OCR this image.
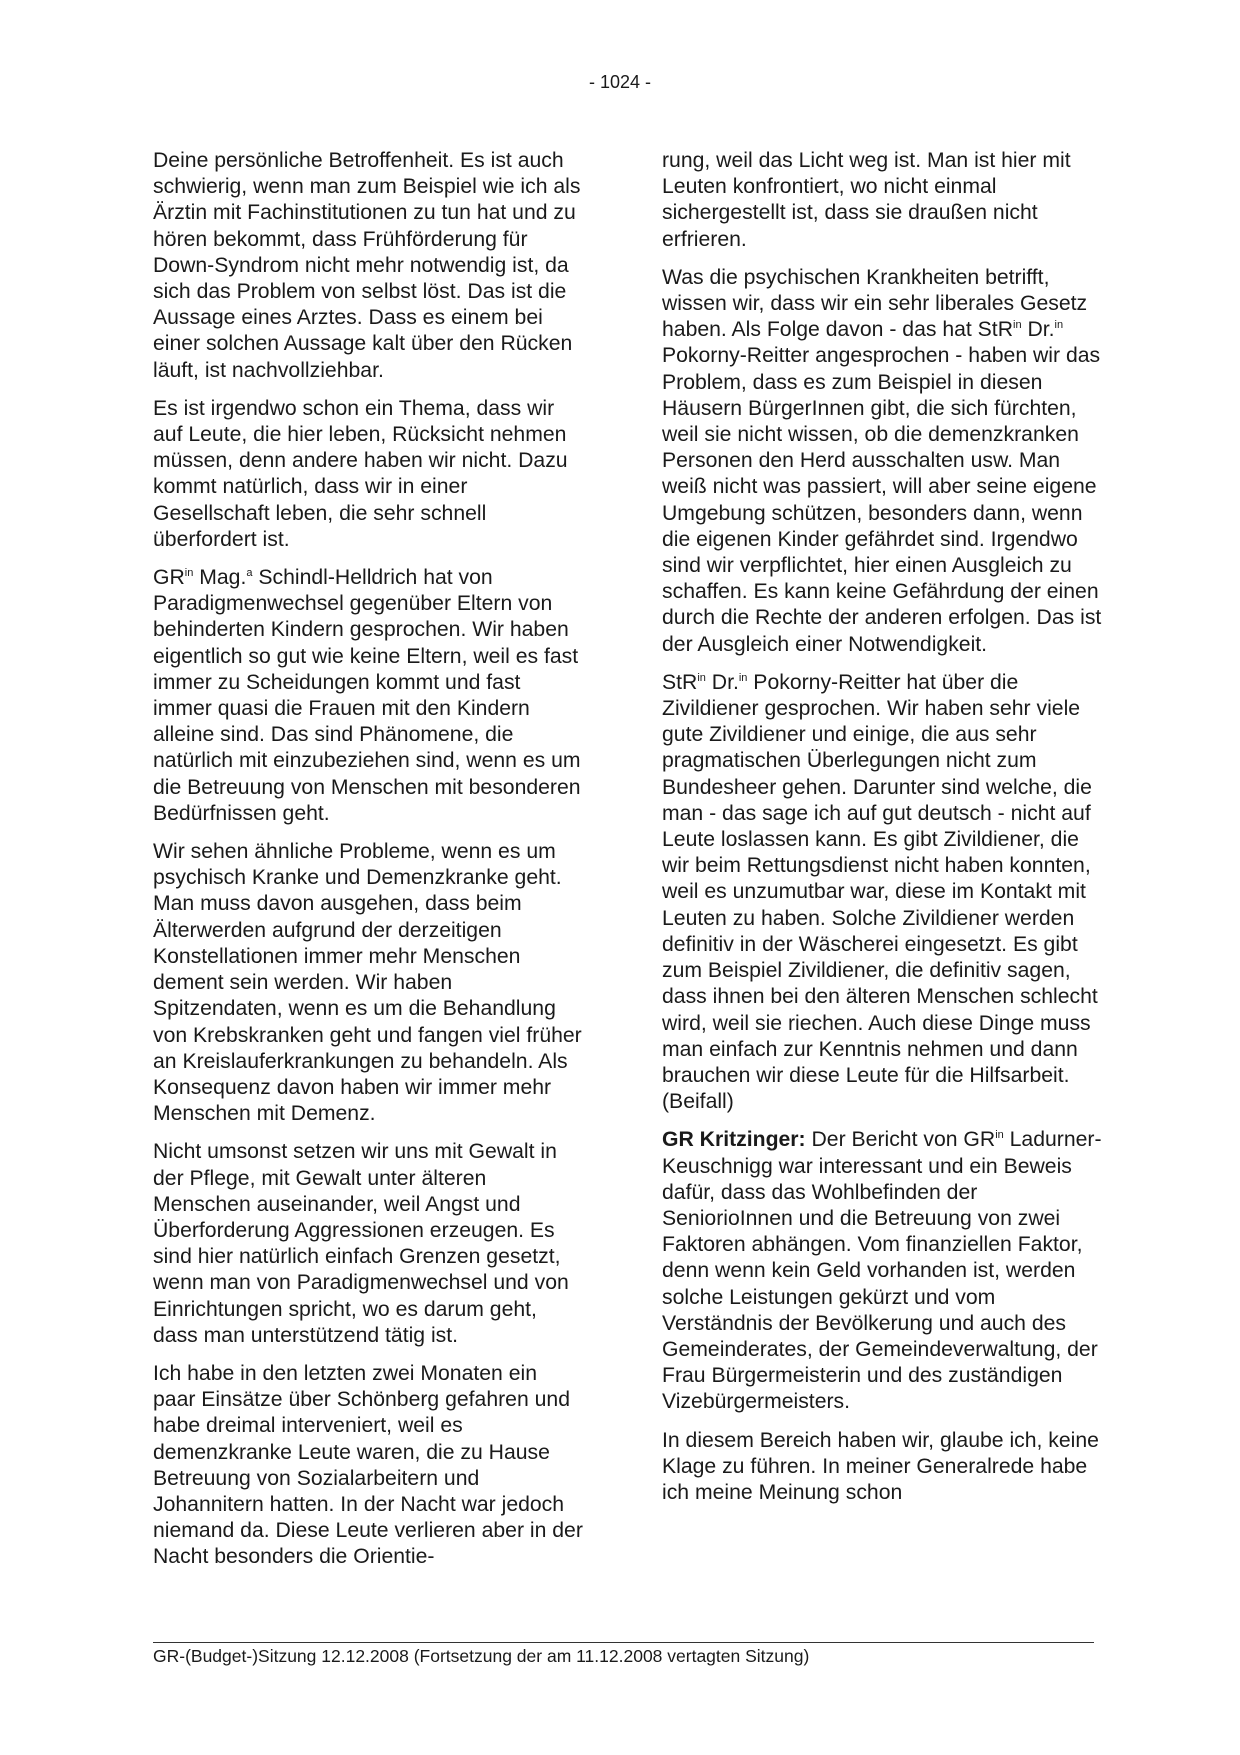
- 1024 -

Deine persönliche Betroffenheit. Es ist auch schwierig, wenn man zum Beispiel wie ich als Ärztin mit Fachinstitutionen zu tun hat und zu hören bekommt, dass Frühförderung für Down-Syndrom nicht mehr notwendig ist, da sich das Problem von selbst löst. Das ist die Aussage eines Arztes. Dass es einem bei einer solchen Aussage kalt über den Rücken läuft, ist nachvollziehbar.

Es ist irgendwo schon ein Thema, dass wir auf Leute, die hier leben, Rücksicht nehmen müssen, denn andere haben wir nicht. Dazu kommt natürlich, dass wir in einer Gesellschaft leben, die sehr schnell überfordert ist.

$GR^{in}$ Mag.$^a$ Schindl-Helldrich hat von Paradigmenwechsel gegenüber Eltern von behinderten Kindern gesprochen. Wir haben eigentlich so gut wie keine Eltern, weil es fast immer zu Scheidungen kommt und fast immer quasi die Frauen mit den Kindern alleine sind. Das sind Phänomene, die natürlich mit einzubeziehen sind, wenn es um die Betreuung von Menschen mit besonderen Bedürfnissen geht.

Wir sehen ähnliche Probleme, wenn es um psychisch Kranke und Demenzkranke geht. Man muss davon ausgehen, dass beim Älterwerden aufgrund der derzeitigen Konstellationen immer mehr Menschen dement sein werden. Wir haben Spitzendaten, wenn es um die Behandlung von Krebskranken geht und fangen viel früher an Kreislauferkrankungen zu behandeln. Als Konsequenz davon haben wir immer mehr Menschen mit Demenz.

Nicht umsonst setzen wir uns mit Gewalt in der Pflege, mit Gewalt unter älteren Menschen auseinander, weil Angst und Überforderung Aggressionen erzeugen. Es sind hier natürlich einfach Grenzen gesetzt, wenn man von Paradigmenwechsel und von Einrichtungen spricht, wo es darum geht, dass man unterstützend tätig ist.

Ich habe in den letzten zwei Monaten ein paar Einsätze über Schönberg gefahren und habe dreimal interveniert, weil es demenzkranke Leute waren, die zu Hause Betreuung von Sozialarbeitern und Johannitern hatten. In der Nacht war jedoch niemand da. Diese Leute verlieren aber in der Nacht besonders die Orientie-

rung, weil das Licht weg ist. Man ist hier mit Leuten konfrontiert, wo nicht einmal sichergestellt ist, dass sie draußen nicht erfrieren.

Was die psychischen Krankheiten betrifft, wissen wir, dass wir ein sehr liberales Gesetz haben. Als Folge davon - das hat StR$^{in}$ Dr.$^{in}$ Pokorny-Reitter angesprochen - haben wir das Problem, dass es zum Beispiel in diesen Häusern BürgerInnen gibt, die sich fürchten, weil sie nicht wissen, ob die demenzkranken Personen den Herd ausschalten usw. Man weiß nicht was passiert, will aber seine eigene Umgebung schützen, besonders dann, wenn die eigenen Kinder gefährdet sind. Irgendwo sind wir verpflichtet, hier einen Ausgleich zu schaffen. Es kann keine Gefährdung der einen durch die Rechte der anderen erfolgen. Das ist der Ausgleich einer Notwendigkeit.

StR$^{in}$ Dr.$^{in}$ Pokorny-Reitter hat über die Zivildiener gesprochen. Wir haben sehr viele gute Zivildiener und einige, die aus sehr pragmatischen Überlegungen nicht zum Bundesheer gehen. Darunter sind welche, die man - das sage ich auf gut deutsch - nicht auf Leute loslassen kann. Es gibt Zivildiener, die wir beim Rettungsdienst nicht haben konnten, weil es unzumutbar war, diese im Kontakt mit Leuten zu haben. Solche Zivildiener werden definitiv in der Wäscherei eingesetzt. Es gibt zum Beispiel Zivildiener, die definitiv sagen, dass ihnen bei den älteren Menschen schlecht wird, weil sie riechen. Auch diese Dinge muss man einfach zur Kenntnis nehmen und dann brauchen wir diese Leute für die Hilfsarbeit. (Beifall)

GR Kritzinger: Der Bericht von $GR^{in}$ Ladurner-Keuschnigg war interessant und ein Beweis dafür, dass das Wohlbefinden der SeniorioInnen und die Betreuung von zwei Faktoren abhängen. Vom finanziellen Faktor, denn wenn kein Geld vorhanden ist, werden solche Leistungen gekürzt und vom Verständnis der Bevölkerung und auch des Gemeinderates, der Gemeindeverwaltung, der Frau Bürgermeisterin und des zuständigen Vizebürgermeisters.

In diesem Bereich haben wir, glaube ich, keine Klage zu führen. In meiner Generalrede habe ich meine Meinung schon

GR-(Budget-)Sitzung 12.12.2008 (Fortsetzung der am 11.12.2008 vertagten Sitzung)
